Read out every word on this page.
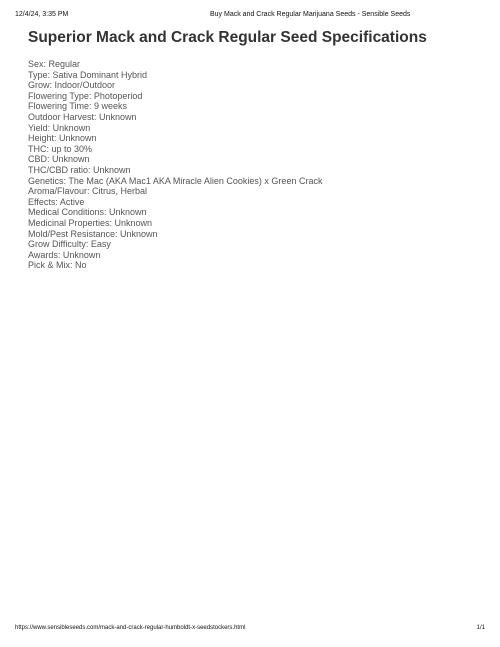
12/4/24, 3:35 PM	Buy Mack and Crack Regular Marijuana Seeds - Sensible Seeds
Superior Mack and Crack Regular Seed Specifications
Sex: Regular
Type: Sativa Dominant Hybrid
Grow: Indoor/Outdoor
Flowering Type: Photoperiod
Flowering Time: 9 weeks
Outdoor Harvest: Unknown
Yield: Unknown
Height: Unknown
THC: up to 30%
CBD: Unknown
THC/CBD ratio: Unknown
Genetics: The Mac (AKA Mac1 AKA Miracle Alien Cookies) x Green Crack
Aroma/Flavour: Citrus, Herbal
Effects: Active
Medical Conditions: Unknown
Medicinal Properties: Unknown
Mold/Pest Resistance: Unknown
Grow Difficulty: Easy
Awards: Unknown
Pick & Mix: No
https://www.sensibleseeds.com/mack-and-crack-regular-humboldt-x-seedstockers.html	1/1
